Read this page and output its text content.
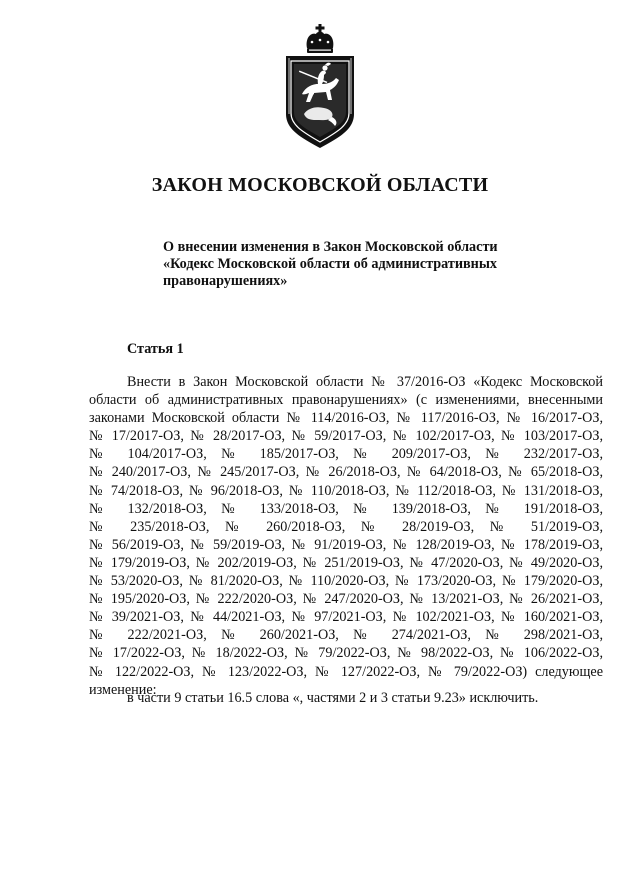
ЗАКОН МОСКОВСКОЙ ОБЛАСТИ
О внесении изменения в Закон Московской области
«Кодекс Московской области об административных
правонарушениях»
Статья 1
Внести в Закон Московской области № 37/2016-ОЗ «Кодекс Московской
области об административных правонарушениях» (с изменениями, внесенными
законами Московской области № 114/2016-ОЗ, № 117/2016-ОЗ, № 16/2017-ОЗ,
№ 17/2017-ОЗ, № 28/2017-ОЗ, № 59/2017-ОЗ, № 102/2017-ОЗ, № 103/2017-ОЗ,
№ 104/2017-ОЗ, № 185/2017-ОЗ, № 209/2017-ОЗ, № 232/2017-ОЗ,
№ 240/2017-ОЗ, № 245/2017-ОЗ, № 26/2018-ОЗ, № 64/2018-ОЗ, № 65/2018-ОЗ,
№ 74/2018-ОЗ, № 96/2018-ОЗ, № 110/2018-ОЗ, № 112/2018-ОЗ, № 131/2018-ОЗ,
№ 132/2018-ОЗ, № 133/2018-ОЗ, № 139/2018-ОЗ, № 191/2018-ОЗ,
№ 235/2018-ОЗ, № 260/2018-ОЗ, № 28/2019-ОЗ, № 51/2019-ОЗ,
№ 56/2019-ОЗ, № 59/2019-ОЗ, № 91/2019-ОЗ, № 128/2019-ОЗ, № 178/2019-ОЗ,
№ 179/2019-ОЗ, № 202/2019-ОЗ, № 251/2019-ОЗ, № 47/2020-ОЗ, № 49/2020-ОЗ,
№ 53/2020-ОЗ, № 81/2020-ОЗ, № 110/2020-ОЗ, № 173/2020-ОЗ, № 179/2020-ОЗ,
№ 195/2020-ОЗ, № 222/2020-ОЗ, № 247/2020-ОЗ, № 13/2021-ОЗ, № 26/2021-ОЗ,
№ 39/2021-ОЗ, № 44/2021-ОЗ, № 97/2021-ОЗ, № 102/2021-ОЗ, № 160/2021-ОЗ,
№ 222/2021-ОЗ, № 260/2021-ОЗ, № 274/2021-ОЗ, № 298/2021-ОЗ,
№ 17/2022-ОЗ, № 18/2022-ОЗ, № 79/2022-ОЗ, № 98/2022-ОЗ, № 106/2022-ОЗ,
№ 122/2022-ОЗ, № 123/2022-ОЗ, № 127/2022-ОЗ, № 79/2022-ОЗ) следующее
изменение:
в части 9 статьи 16.5 слова «, частями 2 и 3 статьи 9.23» исключить.
